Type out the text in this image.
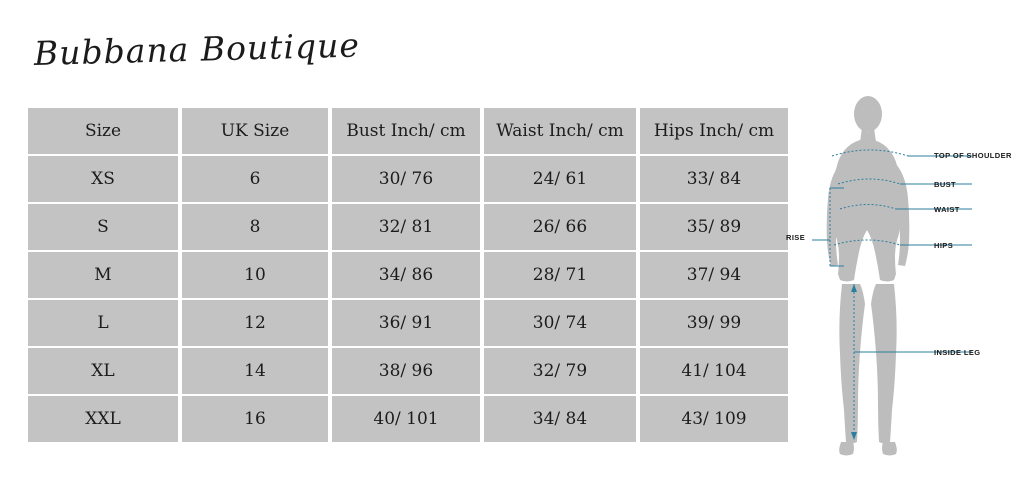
Bubbana Boutique
Size	UK Size	Bust Inch/ cm	Waist Inch/ cm	Hips Inch/ cm
XS	6	30/ 76	24/ 61	33/ 84
S	8	32/ 81	26/ 66	35/ 89
M	10	34/ 86	28/ 71	37/ 94
L	12	36/ 91	30/ 74	39/ 99
XL	14	38/ 96	32/ 79	41/ 104
XXL	16	40/ 101	34/ 84	43/ 109
TOP OF SHOULDER
BUST
WAIST
HIPS
INSIDE LEG
RISE
